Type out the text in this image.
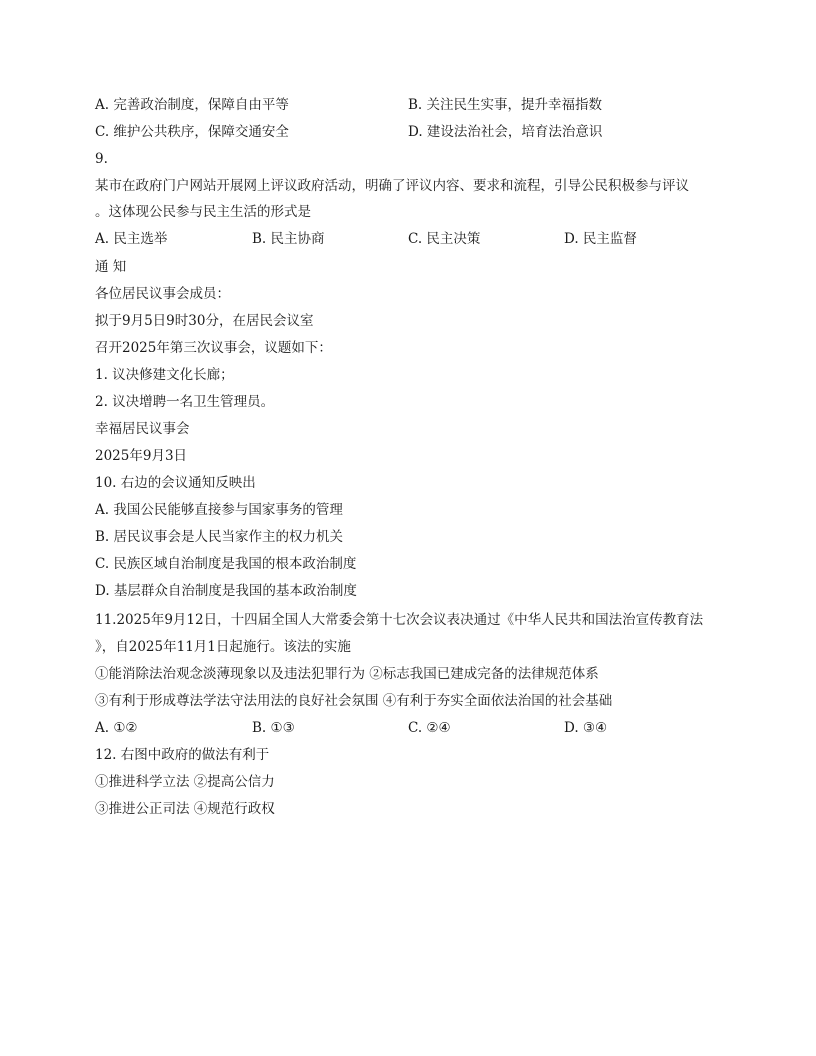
A. 完善政治制度，保障自由平等	B. 关注民生实事，提升幸福指数
C. 维护公共秩序，保障交通安全	D. 建设法治社会，培育法治意识
9.
某市在政府门户网站开展网上评议政府活动，明确了评议内容、要求和流程，引导公民积极参与评议
。这体现公民参与民主生活的形式是
A. 民主选举	B. 民主协商	C. 民主决策	D. 民主监督
通 知
各位居民议事会成员：
拟于9月5日9时30分，在居民会议室
召开2025年第三次议事会，议题如下：
1. 议决修建文化长廊；
2. 议决增聘一名卫生管理员。
幸福居民议事会
2025年9月3日
10. 右边的会议通知反映出
A. 我国公民能够直接参与国家事务的管理
B. 居民议事会是人民当家作主的权力机关
C. 民族区域自治制度是我国的根本政治制度
D. 基层群众自治制度是我国的基本政治制度
11.2025年9月12日，十四届全国人大常委会第十七次会议表决通过《中华人民共和国法治宣传教育法
》，自2025年11月1日起施行。该法的实施
①能消除法治观念淡薄现象以及违法犯罪行为 ②标志我国已建成完备的法律规范体系
③有利于形成尊法学法守法用法的良好社会氛围 ④有利于夯实全面依法治国的社会基础
A. ①②	B. ①③	C. ②④	D. ③④
12. 右图中政府的做法有利于
①推进科学立法 ②提高公信力
③推进公正司法 ④规范行政权
